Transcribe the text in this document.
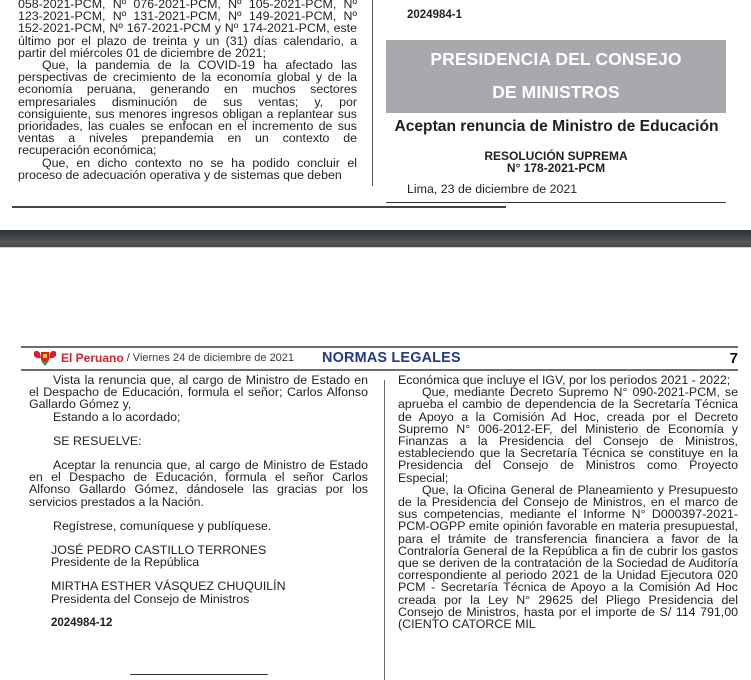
058-2021-PCM, Nº 076-2021-PCM, Nº 105-2021-PCM, Nº 123-2021-PCM, Nº 131-2021-PCM, Nº 149-2021-PCM, Nº 152-2021-PCM, Nº 167-2021-PCM y Nº 174-2021-PCM, este último por el plazo de treinta y un (31) días calendario, a partir del miércoles 01 de diciembre de 2021;

Que, la pandemia de la COVID-19 ha afectado las perspectivas de crecimiento de la economía global y de la economía peruana, generando en muchos sectores empresariales disminución de sus ventas; y, por consiguiente, sus menores ingresos obligan a replantear sus prioridades, las cuales se enfocan en el incremento de sus ventas a niveles prepandemia en un contexto de recuperación económica;

Que, en dicho contexto no se ha podido concluir el proceso de adecuación operativa y de sistemas que deben

2024984-1
PRESIDENCIA DEL CONSEJO
DE MINISTROS
Aceptan renuncia de Ministro de Educación
RESOLUCIÓN SUPREMA
N° 178-2021-PCM
Lima, 23 de diciembre de 2021
El Peruano / Viernes 24 de diciembre de 2021 NORMAS LEGALES	7

Vista la renuncia que, al cargo de Ministro de Estado en el Despacho de Educación, formula el señor; Carlos Alfonso Gallardo Gómez y,

Estando a lo acordado;

SE RESUELVE:

Aceptar la renuncia que, al cargo de Ministro de Estado en el Despacho de Educación, formula el señor Carlos Alfonso Gallardo Gómez, dándosele las gracias por los servicios prestados a la Nación.

Regístrese, comuníquese y publíquese.

JOSÉ PEDRO CASTILLO TERRONES

Presidente de la República

MIRTHA ESTHER VÁSQUEZ CHUQUILÍN

Presidenta del Consejo de Ministros

2024984-12

Económica que incluye el IGV, por los periodos 2021 - 2022;

Que, mediante Decreto Supremo N° 090-2021-PCM, se aprueba el cambio de dependencia de la Secretaría Técnica de Apoyo a la Comisión Ad Hoc, creada por el Decreto Supremo N° 006-2012-EF, del Ministerio de Economía y Finanzas a la Presidencia del Consejo de Ministros, estableciendo que la Secretaría Técnica se constituye en la Presidencia del Consejo de Ministros como Proyecto Especial;

Que, la Oficina General de Planeamiento y Presupuesto de la Presidencia del Consejo de Ministros, en el marco de sus competencias, mediante el Informe N° D000397-2021-PCM-OGPP emite opinión favorable en materia presupuestal, para el trámite de transferencia financiera a favor de la Contraloría General de la República a fin de cubrir los gastos que se deriven de la contratación de la Sociedad de Auditoría correspondiente al periodo 2021 de la Unidad Ejecutora 020 PCM - Secretaría Técnica de Apoyo a la Comisión Ad Hoc creada por la Ley N° 29625 del Pliego Presidencia del Consejo de Ministros, hasta por el importe de S/ 114 791,00 (CIENTO CATORCE MIL
